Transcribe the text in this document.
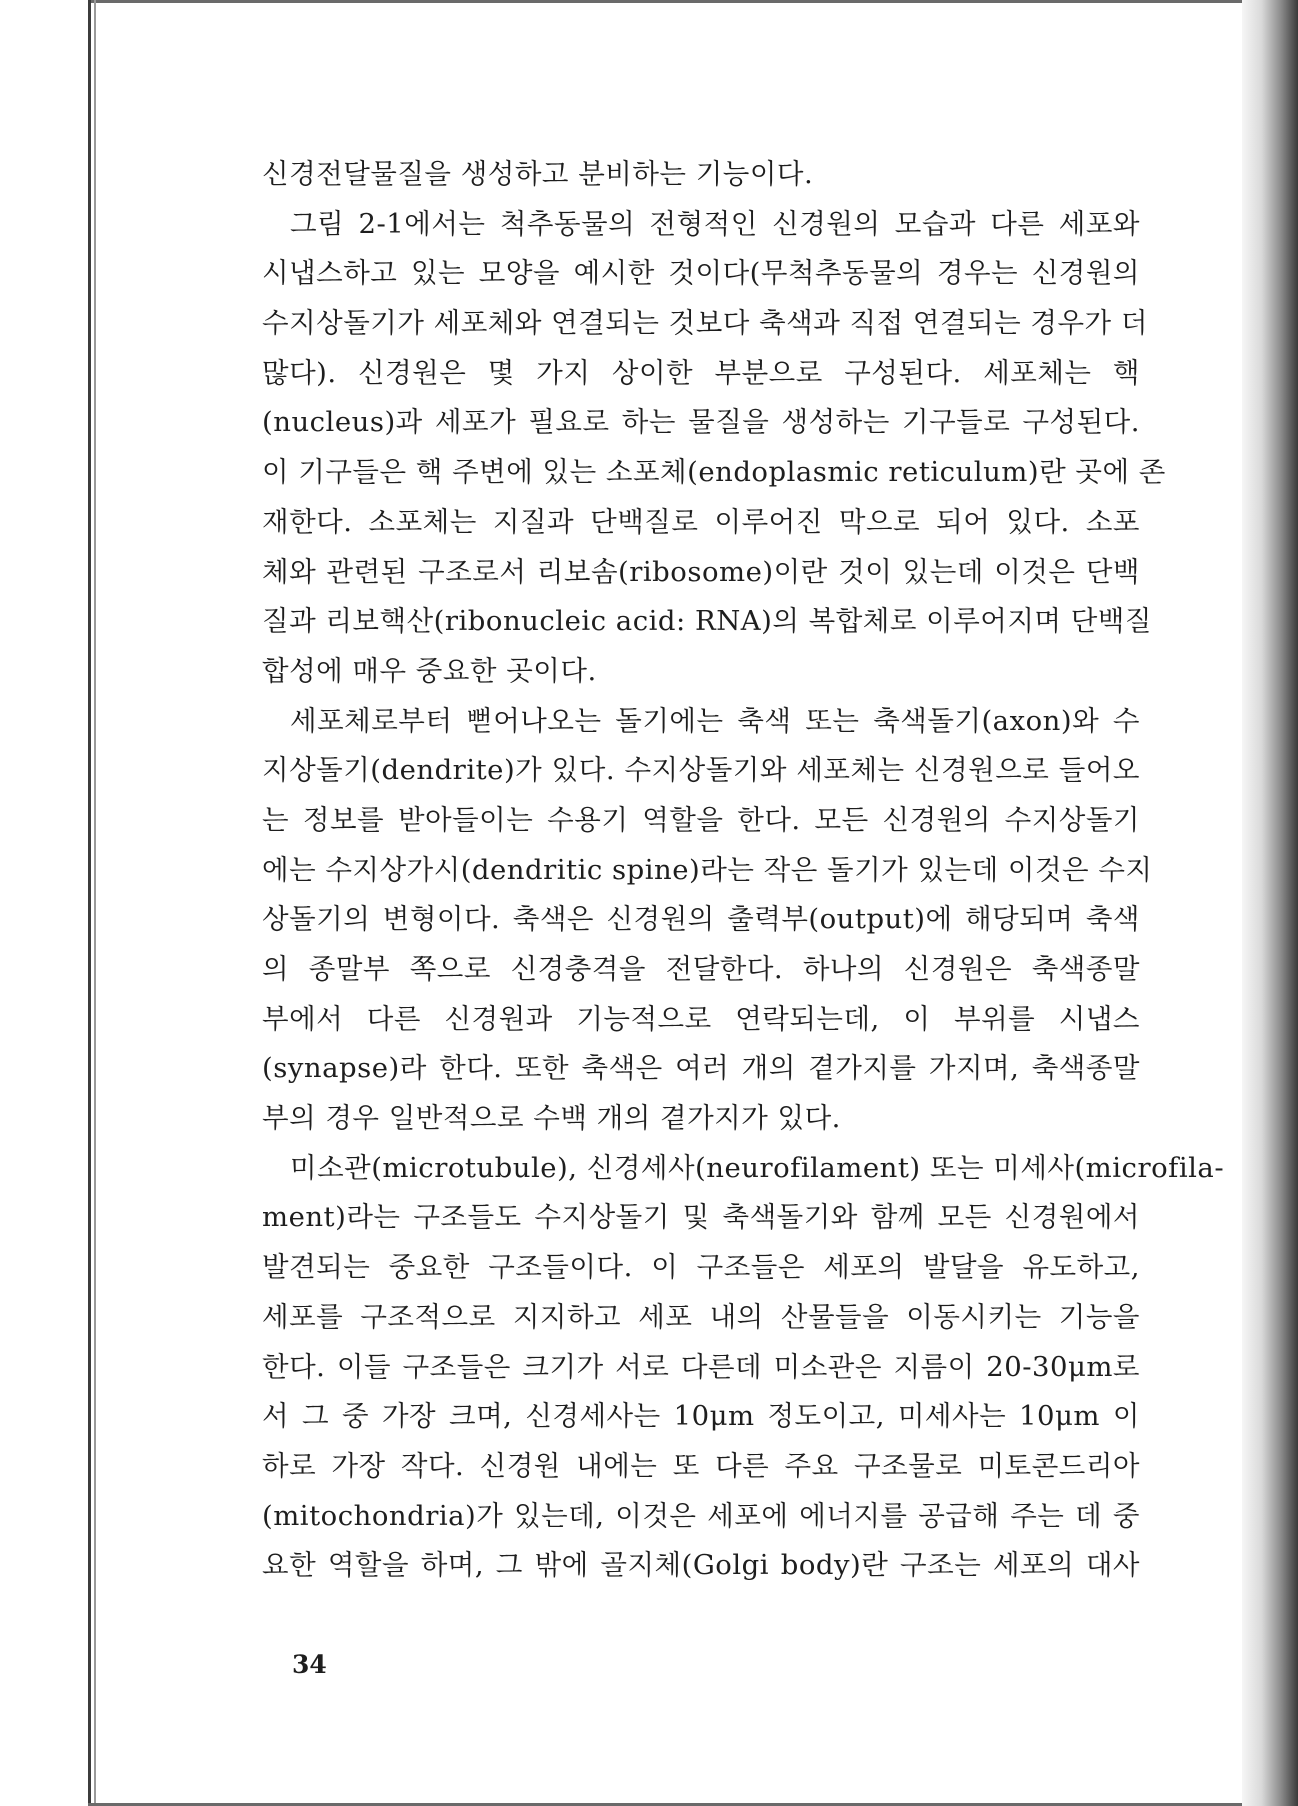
신경전달물질을 생성하고 분비하는 기능이다.
그림 2-1에서는 척추동물의 전형적인 신경원의 모습과 다른 세포와
시냅스하고 있는 모양을 예시한 것이다(무척추동물의 경우는 신경원의
수지상돌기가 세포체와 연결되는 것보다 축색과 직접 연결되는 경우가 더
많다). 신경원은 몇 가지 상이한 부분으로 구성된다. 세포체는 핵
(nucleus)과 세포가 필요로 하는 물질을 생성하는 기구들로 구성된다.
이 기구들은 핵 주변에 있는 소포체(endoplasmic reticulum)란 곳에 존
재한다. 소포체는 지질과 단백질로 이루어진 막으로 되어 있다. 소포
체와 관련된 구조로서 리보솜(ribosome)이란 것이 있는데 이것은 단백
질과 리보핵산(ribonucleic acid: RNA)의 복합체로 이루어지며 단백질
합성에 매우 중요한 곳이다.
세포체로부터 뻗어나오는 돌기에는 축색 또는 축색돌기(axon)와 수
지상돌기(dendrite)가 있다. 수지상돌기와 세포체는 신경원으로 들어오
는 정보를 받아들이는 수용기 역할을 한다. 모든 신경원의 수지상돌기
에는 수지상가시(dendritic spine)라는 작은 돌기가 있는데 이것은 수지
상돌기의 변형이다. 축색은 신경원의 출력부(output)에 해당되며 축색
의 종말부 쪽으로 신경충격을 전달한다. 하나의 신경원은 축색종말
부에서 다른 신경원과 기능적으로 연락되는데, 이 부위를 시냅스
(synapse)라 한다. 또한 축색은 여러 개의 곁가지를 가지며, 축색종말
부의 경우 일반적으로 수백 개의 곁가지가 있다.
미소관(microtubule), 신경세사(neurofilament) 또는 미세사(microfila-
ment)라는 구조들도 수지상돌기 및 축색돌기와 함께 모든 신경원에서
발견되는 중요한 구조들이다. 이 구조들은 세포의 발달을 유도하고,
세포를 구조적으로 지지하고 세포 내의 산물들을 이동시키는 기능을
한다. 이들 구조들은 크기가 서로 다른데 미소관은 지름이 20-30μm로
서 그 중 가장 크며, 신경세사는 10μm 정도이고, 미세사는 10μm 이
하로 가장 작다. 신경원 내에는 또 다른 주요 구조물로 미토콘드리아
(mitochondria)가 있는데, 이것은 세포에 에너지를 공급해 주는 데 중
요한 역할을 하며, 그 밖에 골지체(Golgi body)란 구조는 세포의 대사
34
